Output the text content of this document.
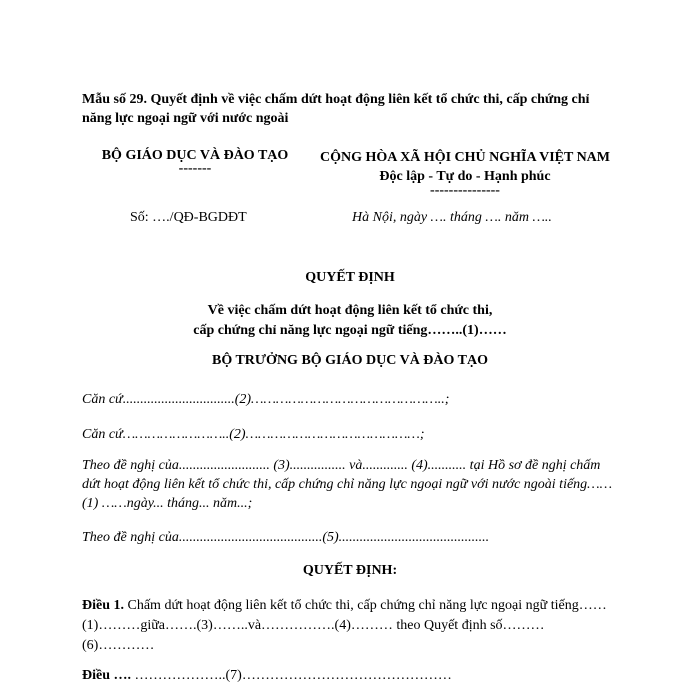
Mẫu số 29. Quyết định về việc chấm dứt hoạt động liên kết tổ chức thi, cấp chứng chỉ năng lực ngoại ngữ với nước ngoài
BỘ GIÁO DỤC VÀ ĐÀO TẠO
-------
CỘNG HÒA XÃ HỘI CHỦ NGHĨA VIỆT NAM
Độc lập - Tự do - Hạnh phúc
---------------
Số: …./QĐ-BGDĐT	Hà Nội, ngày …. tháng …. năm …..
QUYẾT ĐỊNH
Về việc chấm dứt hoạt động liên kết tổ chức thi,
cấp chứng chỉ năng lực ngoại ngữ tiếng……..(1)……
BỘ TRƯỞNG BỘ GIÁO DỤC VÀ ĐÀO TẠO
Căn cứ................................(2)………………………………………..;
Căn cứ……………………..(2)……………………………………;
Theo đề nghị của.......................... (3)................ và............. (4)........... tại Hồ sơ đề nghị chấm dứt hoạt động liên kết tổ chức thi, cấp chứng chỉ năng lực ngoại ngữ với nước ngoài tiếng……(1) ……ngày... tháng... năm...;
Theo đề nghị của.........................................(5)...........................................
QUYẾT ĐỊNH:
Điều 1. Chấm dứt hoạt động liên kết tổ chức thi, cấp chứng chỉ năng lực ngoại ngữ tiếng……(1)………giữa…….(3)……..và…………….(4)……… theo Quyết định số………(6)…………
Điều …. ………………..(7)………………………………………
